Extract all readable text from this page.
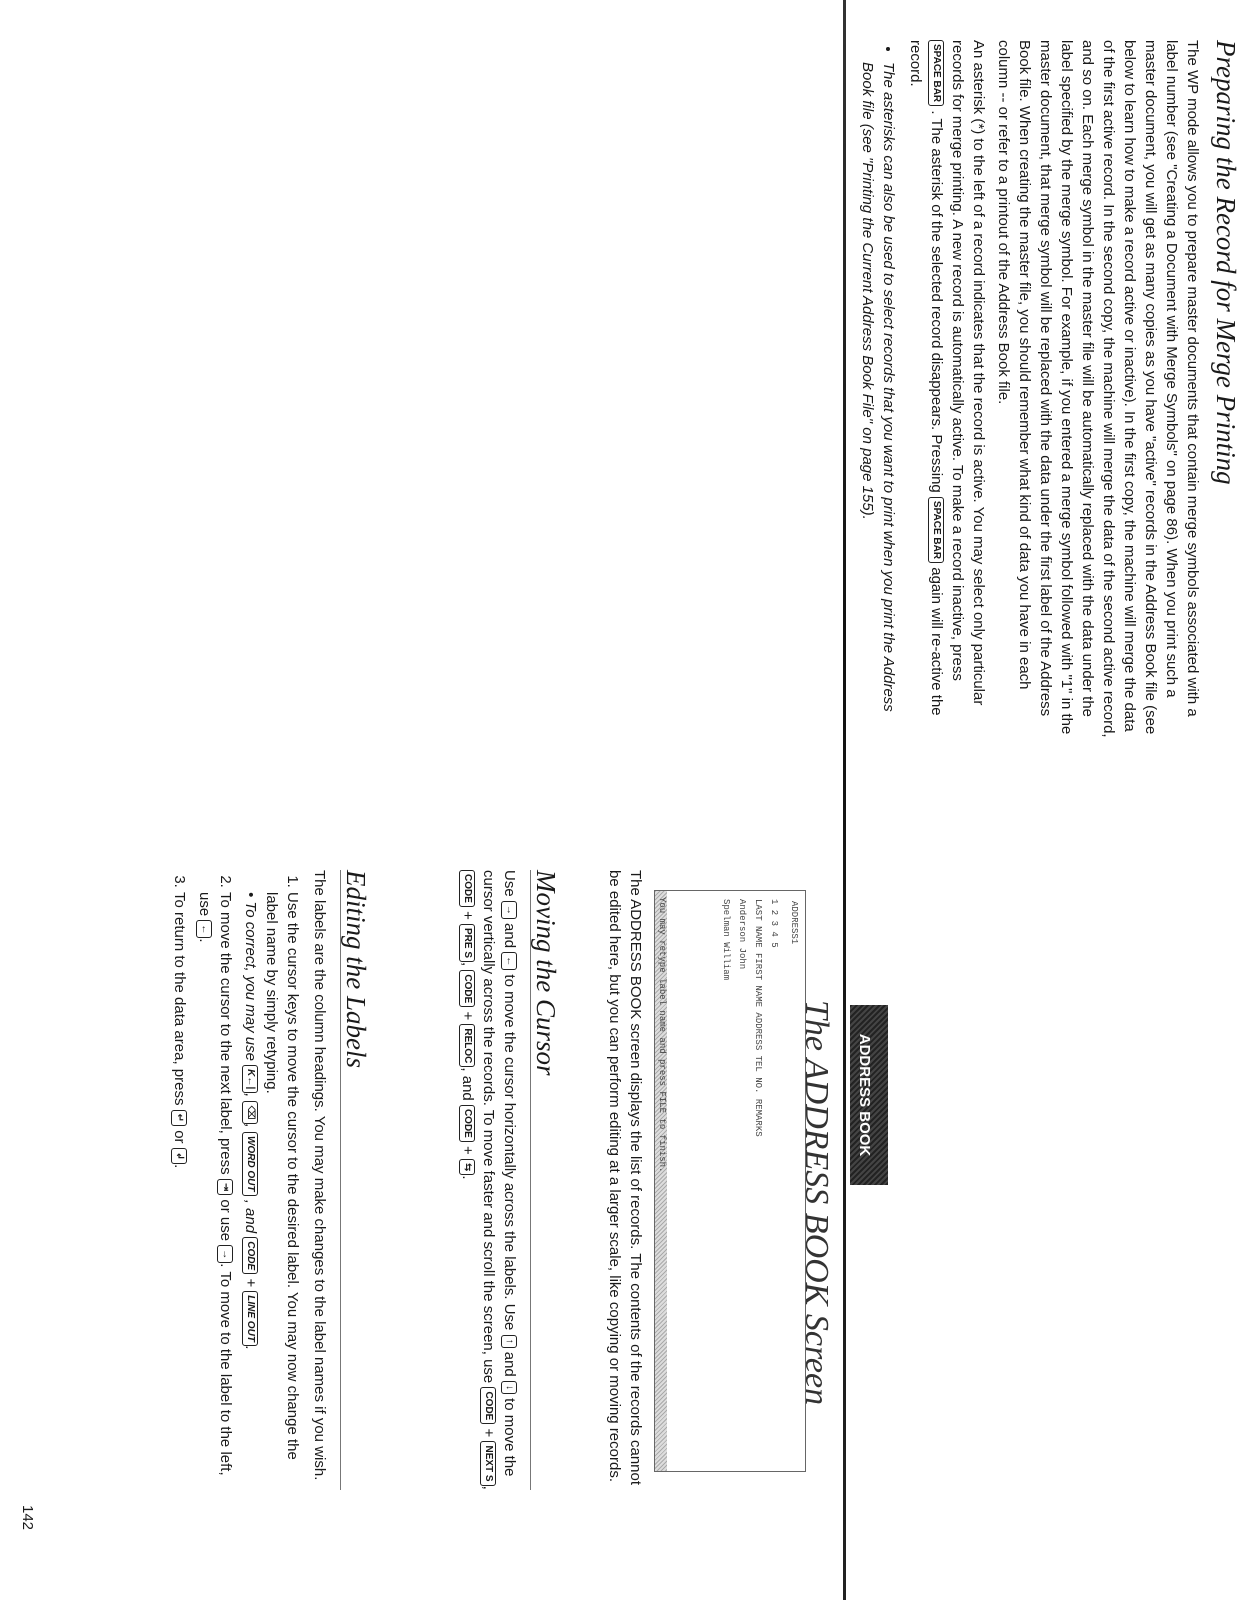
Preparing the Record for Merge Printing

The WP mode allows you to prepare master documents that contain merge symbols associated with a label number (see "Creating a Document with Merge Symbols" on page 86). When you print such a master document, you will get as many copies as you have "active" records in the Address Book file (see below to learn how to make a record active or inactive). In the first copy, the machine will merge the data of the first active record. In the second copy, the machine will merge the data of the second active record, and so on. Each merge symbol in the master file will be automatically replaced with the data under the label specified by the merge symbol. For example, if you entered a merge symbol followed with "1" in the master document, that merge symbol will be replaced with the data under the first label of the Address Book file. When creating the master file, you should remember what kind of data you have in each column -- or refer to a printout of the Address Book file.

An asterisk (*) to the left of a record indicates that the record is active. You may select only particular records for merge printing. A new record is automatically active. To make a record inactive, press SPACE BAR . The asterisk of the selected record disappears. Pressing SPACE BAR again will re-active the record.

• The asterisks can also be used to select records that you want to print when you print the Address Book file (see "Printing the Current Address Book File" on page 155).
ADDRESS BOOK
The ADDRESS BOOK Screen
ADDRESS1
1 2 3 4 5
LAST NAME FIRST NAME ADDRESS TEL NO. REMARKS
Anderson John
Spelman William
You may retype label name and press FILE to finish.
The ADDRESS BOOK screen displays the list of records. The contents of the records cannot be edited here, but you can perform editing at a larger scale, like copying or moving records.
Moving the Cursor

Use → and ← to move the cursor horizontally across the labels. Use ↑ and ↓ to move the cursor vertically across the records. To move faster and scroll the screen, use CODE + NEXT S, CODE + PRE S, CODE + RELOC, and CODE + ⇆.

Editing the Labels

The labels are the column headings. You may make changes to the label names if you wish.

1. Use the cursor keys to move the cursor to the desired label. You may now change the label name by simply retyping.
• To correct, you may use K←|, ⌫, WORD OUT , and CODE + LINE OUT.
2. To move the cursor to the next label, press ⇥ or use →. To move to the label to the left, use ←.
3. To return to the data area, press ↵ or ↲.
142
